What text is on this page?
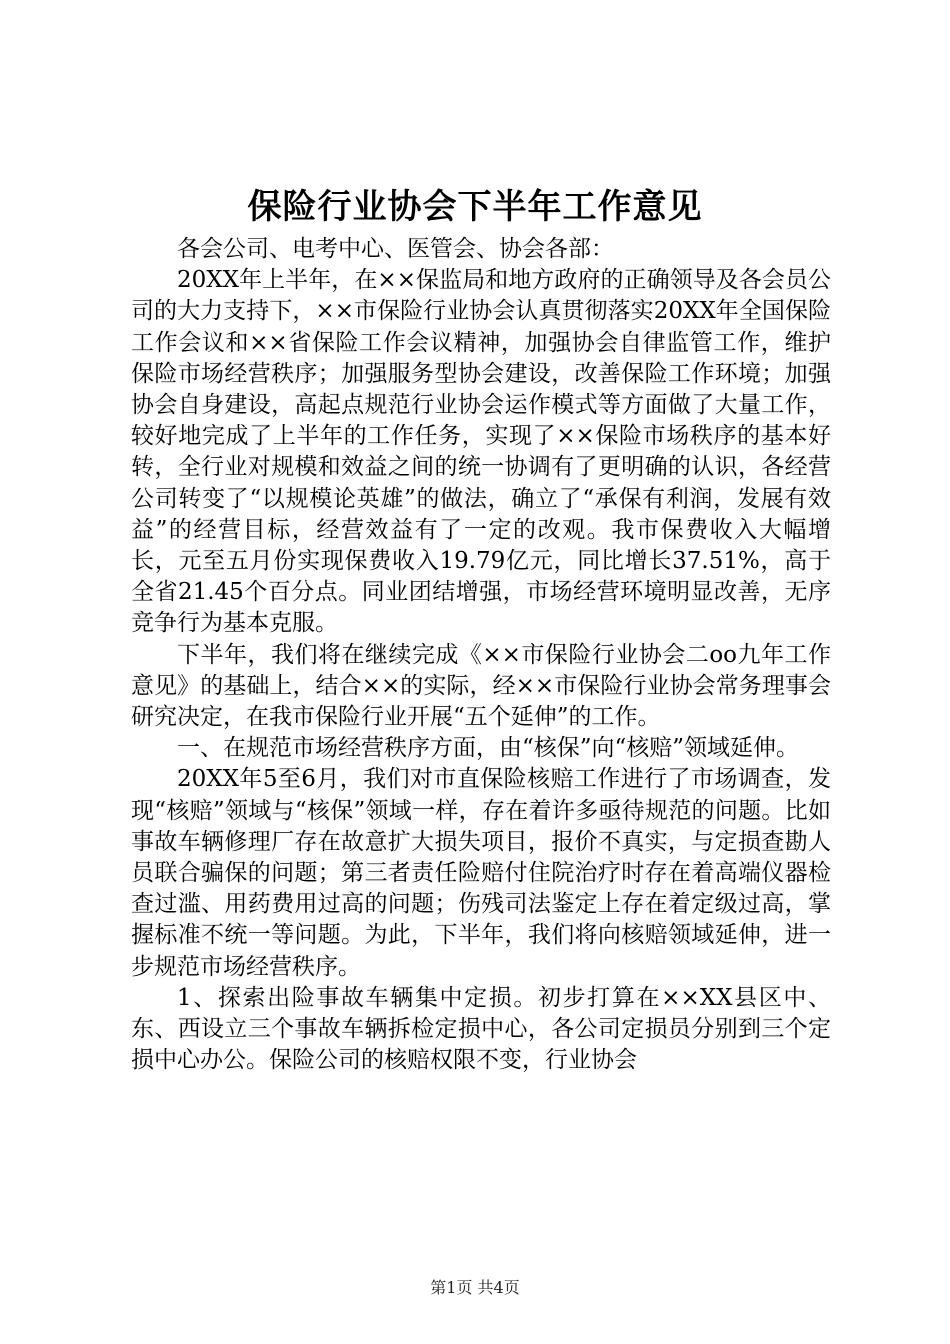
保险行业协会下半年工作意见

各会公司、电考中心、医管会、协会各部：

20XX年上半年，在××保监局和地方政府的正确领导及各会员公司的大力支持下，××市保险行业协会认真贯彻落实20XX年全国保险工作会议和××省保险工作会议精神，加强协会自律监管工作，维护保险市场经营秩序；加强服务型协会建设，改善保险工作环境；加强协会自身建设，高起点规范行业协会运作模式等方面做了大量工作，较好地完成了上半年的工作任务，实现了××保险市场秩序的基本好转，全行业对规模和效益之间的统一协调有了更明确的认识，各经营公司转变了“以规模论英雄”的做法，确立了“承保有利润，发展有效益”的经营目标，经营效益有了一定的改观。我市保费收入大幅增长，元至五月份实现保费收入19.79亿元，同比增长37.51%，高于全省21.45个百分点。同业团结增强，市场经营环境明显改善，无序竞争行为基本克服。

下半年，我们将在继续完成《××市保险行业协会二oo九年工作意见》的基础上，结合××的实际，经××市保险行业协会常务理事会研究决定，在我市保险行业开展“五个延伸”的工作。

一、在规范市场经营秩序方面，由“核保”向“核赔”领域延伸。

20XX年5至6月，我们对市直保险核赔工作进行了市场调查，发现“核赔”领域与“核保”领域一样，存在着许多亟待规范的问题。比如事故车辆修理厂存在故意扩大损失项目，报价不真实，与定损查勘人员联合骗保的问题；第三者责任险赔付住院治疗时存在着高端仪器检查过滥、用药费用过高的问题；伤残司法鉴定上存在着定级过高，掌握标准不统一等问题。为此，下半年，我们将向核赔领域延伸，进一步规范市场经营秩序。

1、探索出险事故车辆集中定损。初步打算在××XX县区中、东、西设立三个事故车辆拆检定损中心，各公司定损员分别到三个定损中心办公。保险公司的核赔权限不变，行业协会

第1页 共4页
